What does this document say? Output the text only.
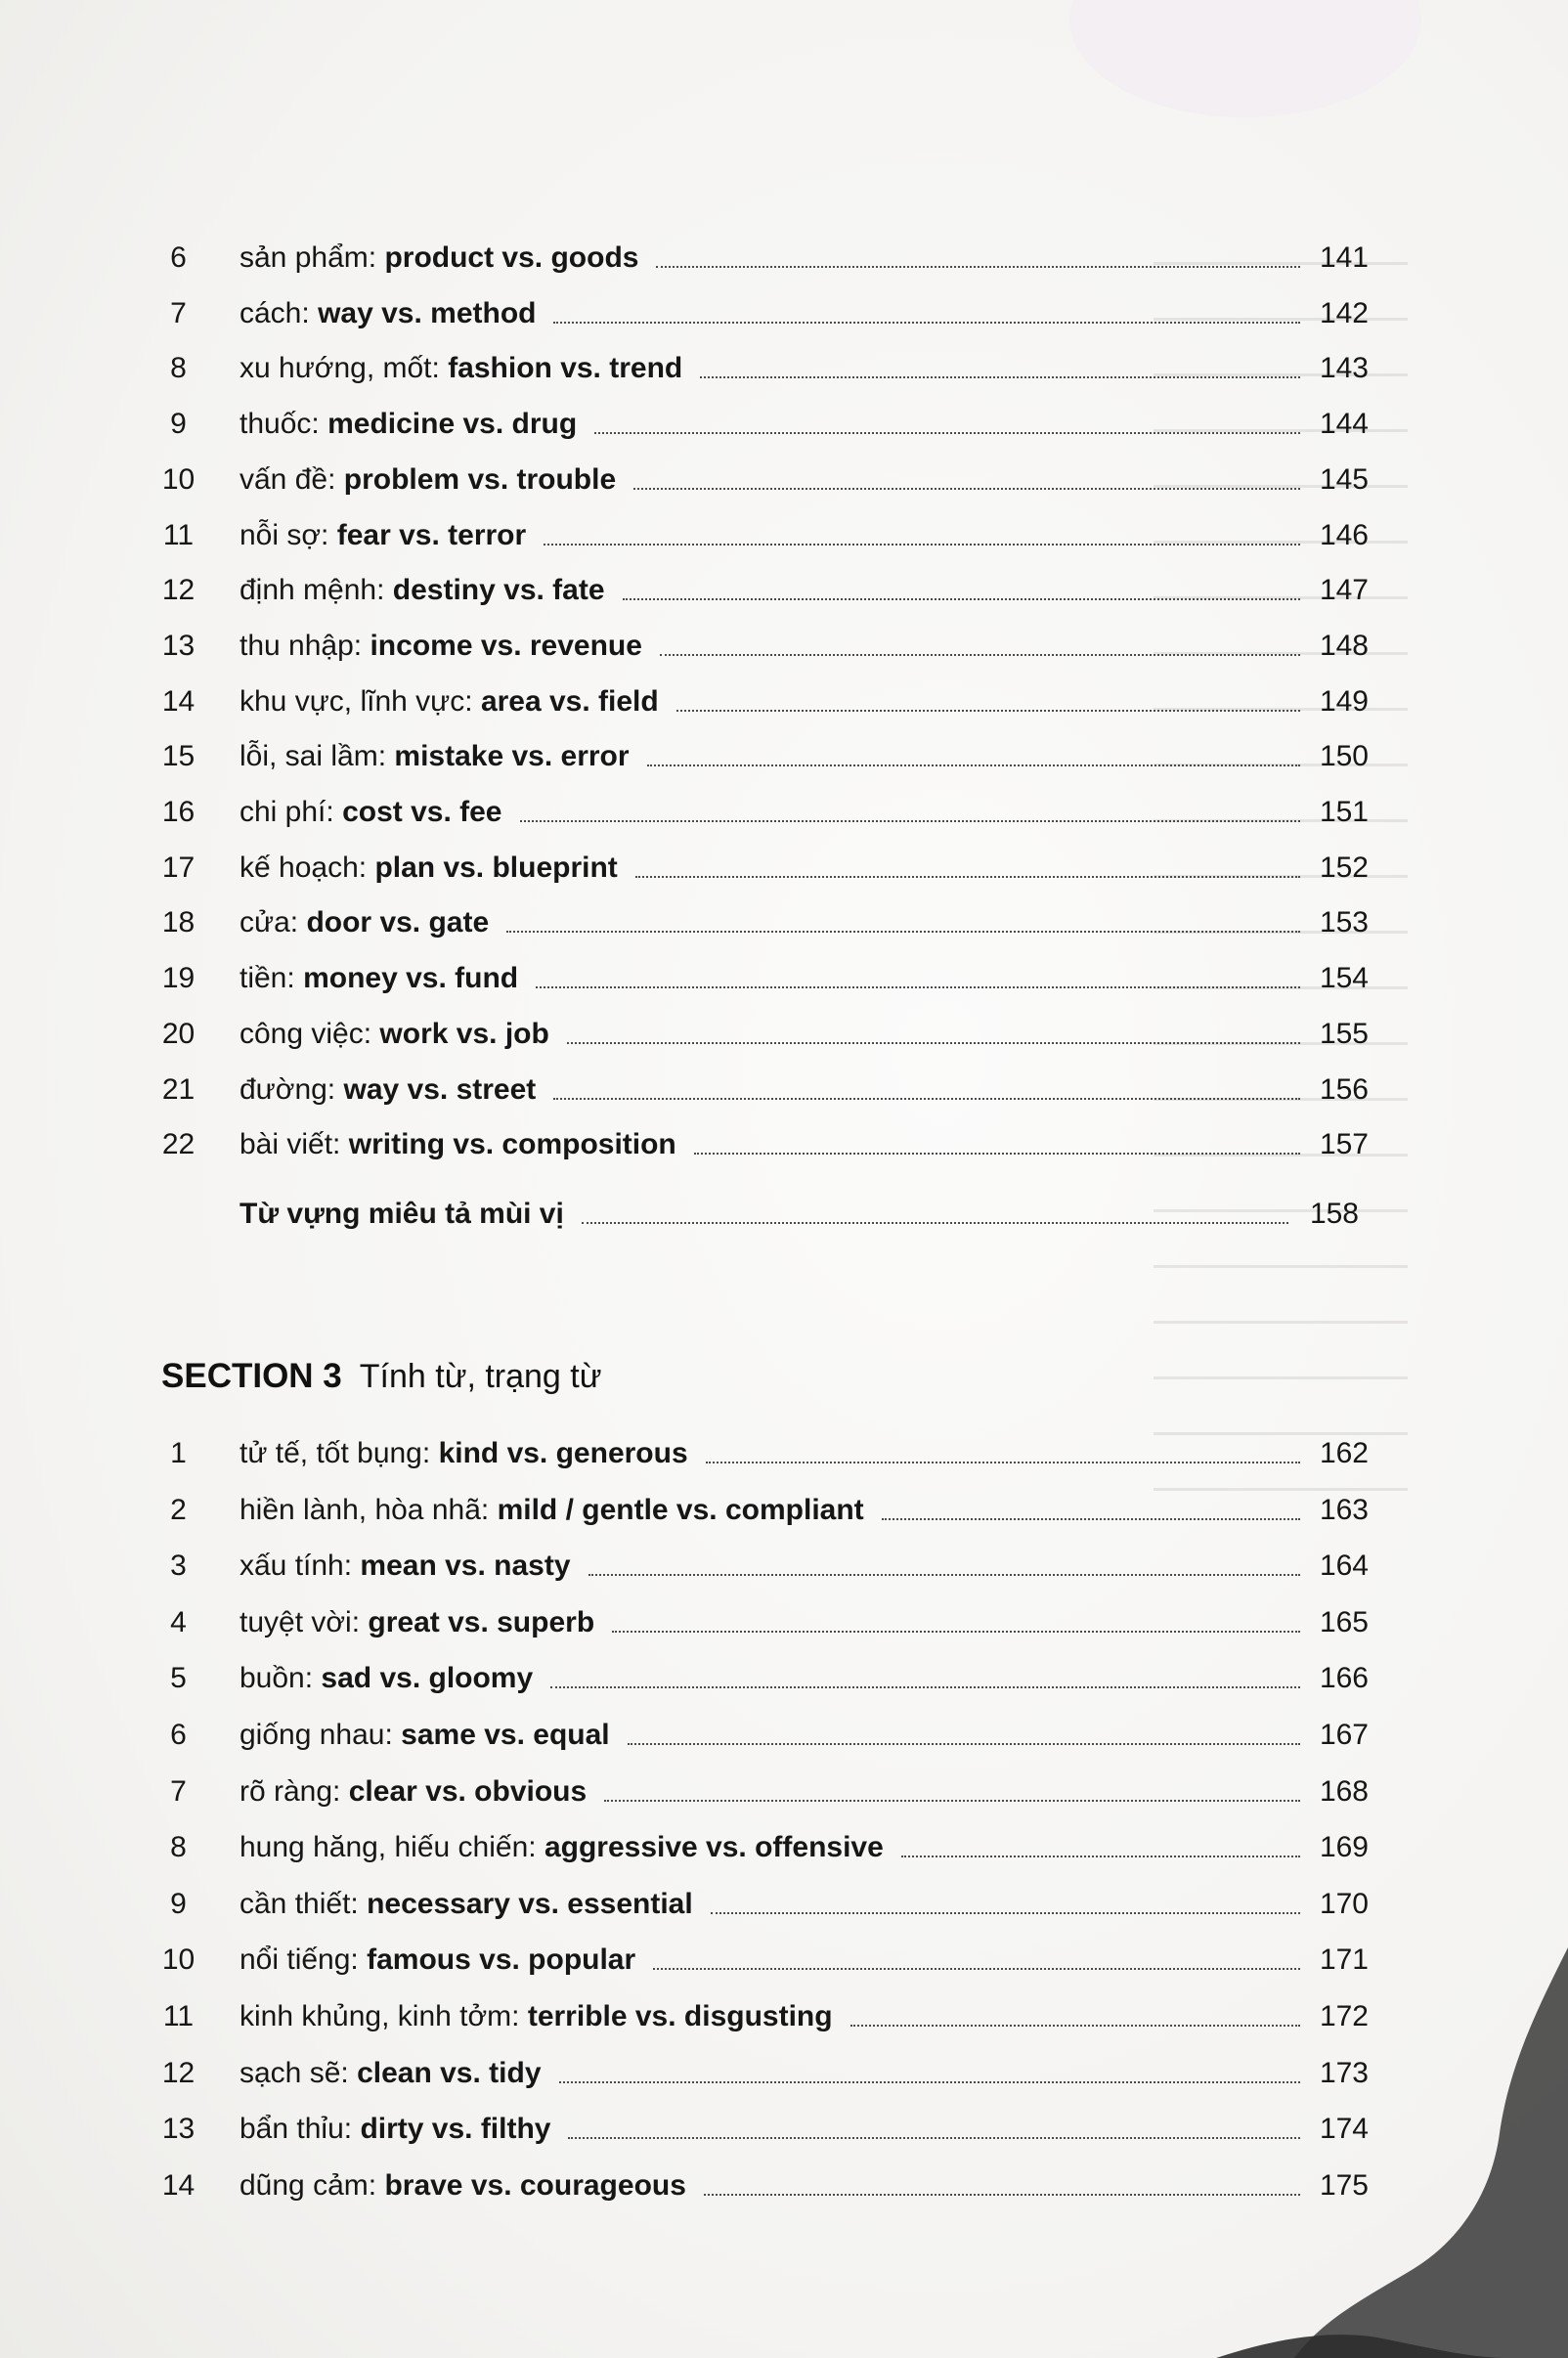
6	sản phẩm: product vs. goods	141
7	cách: way vs. method	142
8	xu hướng, mốt: fashion vs. trend	143
9	thuốc: medicine vs. drug	144
10 vấn đề: problem vs. trouble	145
11 nỗi sợ: fear vs. terror	146
12 định mệnh: destiny vs. fate	147
13 thu nhập: income vs. revenue	148
14 khu vực, lĩnh vực: area vs. field	149
15 lỗi, sai lầm: mistake vs. error	150
16 chi phí: cost vs. fee	151
17 kế hoạch: plan vs. blueprint	152
18 cửa: door vs. gate	153
19 tiền: money vs. fund	154
20 công việc: work vs. job	155
21 đường: way vs. street	156
22 bài viết: writing vs. composition	157
Từ vựng miêu tả mùi vị	158
SECTION 3 Tính từ, trạng từ
1	tử tế, tốt bụng: kind vs. generous	162
2	hiền lành, hòa nhã: mild / gentle vs. compliant	163
3	xấu tính: mean vs. nasty	164
4	tuyệt vời: great vs. superb	165
5	buồn: sad vs. gloomy	166
6	giống nhau: same vs. equal	167
7	rõ ràng: clear vs. obvious	168
8	hung hăng, hiếu chiến: aggressive vs. offensive	169
9	cần thiết: necessary vs. essential	170
10 nổi tiếng: famous vs. popular	171
11 kinh khủng, kinh tởm: terrible vs. disgusting	172
12 sạch sẽ: clean vs. tidy	173
13 bẩn thỉu: dirty vs. filthy	174
14 dũng cảm: brave vs. courageous	175
